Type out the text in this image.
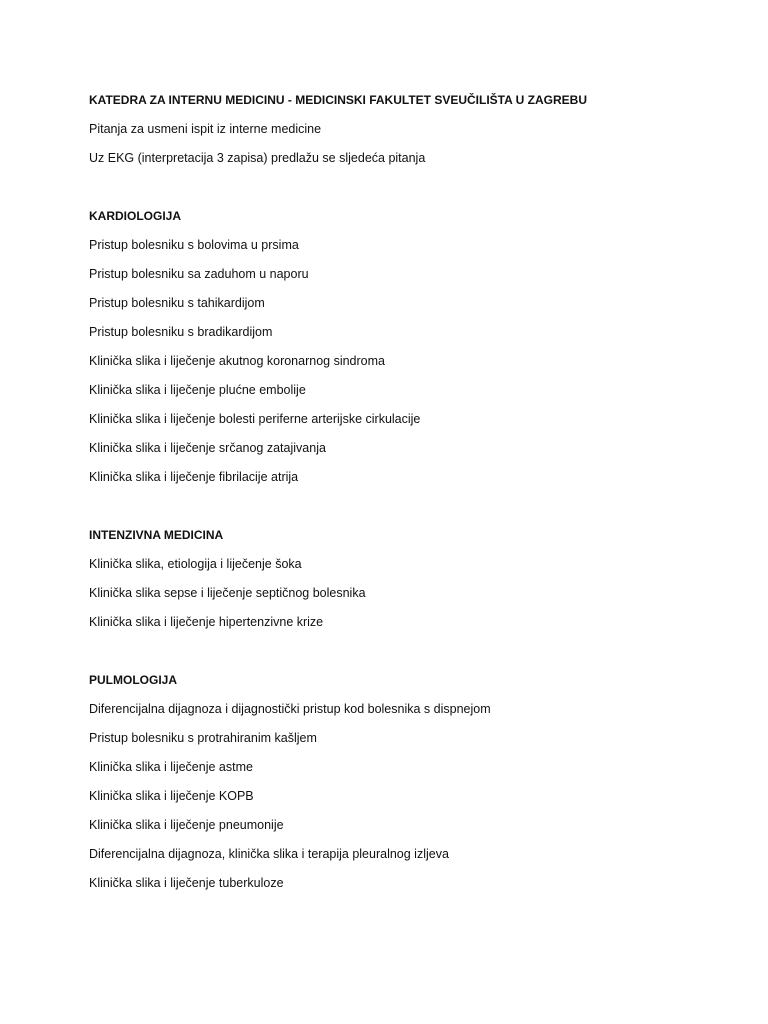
KATEDRA ZA INTERNU MEDICINU - MEDICINSKI FAKULTET SVEUČILIŠTA U ZAGREBU
Pitanja za usmeni ispit iz interne medicine
Uz EKG (interpretacija 3 zapisa) predlažu se sljedeća pitanja
KARDIOLOGIJA
Pristup bolesniku s bolovima u prsima
Pristup bolesniku sa zaduhom u naporu
Pristup bolesniku s tahikardijom
Pristup bolesniku s bradikardijom
Klinička slika i liječenje akutnog koronarnog sindroma
Klinička slika i liječenje plućne embolije
Klinička slika i liječenje bolesti periferne arterijske cirkulacije
Klinička slika i liječenje srčanog zatajivanja
Klinička slika i liječenje fibrilacije atrija
INTENZIVNA MEDICINA
Klinička slika, etiologija i liječenje šoka
Klinička slika sepse i liječenje septičnog bolesnika
Klinička slika i liječenje hipertenzivne krize
PULMOLOGIJA
Diferencijalna dijagnoza i dijagnostički pristup kod bolesnika s dispnejom
Pristup bolesniku s protrahiranim kašljem
Klinička slika i liječenje astme
Klinička slika i liječenje KOPB
Klinička slika i liječenje pneumonije
Diferencijalna dijagnoza, klinička slika i terapija pleuralnog izljeva
Klinička slika i liječenje tuberkuloze
